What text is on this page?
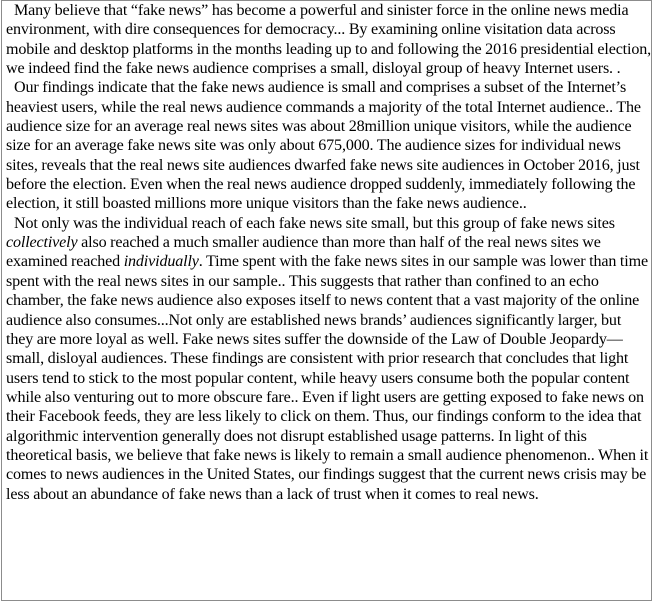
Many believe that “fake news” has become a powerful and sinister force in the online news media environment, with dire consequences for democracy... By examining online visitation data across mobile and desktop platforms in the months leading up to and following the 2016 presidential election, we indeed find the fake news audience comprises a small, disloyal group of heavy Internet users. .

Our findings indicate that the fake news audience is small and comprises a subset of the Internet’s heaviest users, while the real news audience commands a majority of the total Internet audience.. The audience size for an average real news sites was about 28million unique visitors, while the audience size for an average fake news site was only about 675,000. The audience sizes for individual news sites, reveals that the real news site audiences dwarfed fake news site audiences in October 2016, just before the election. Even when the real news audience dropped suddenly, immediately following the election, it still boasted millions more unique visitors than the fake news audience..

Not only was the individual reach of each fake news site small, but this group of fake news sites collectively also reached a much smaller audience than more than half of the real news sites we examined reached individually. Time spent with the fake news sites in our sample was lower than time spent with the real news sites in our sample.. This suggests that rather than confined to an echo chamber, the fake news audience also exposes itself to news content that a vast majority of the online audience also consumes...Not only are established news brands’ audiences significantly larger, but they are more loyal as well. Fake news sites suffer the downside of the Law of Double Jeopardy—small, disloyal audiences. These findings are consistent with prior research that concludes that light users tend to stick to the most popular content, while heavy users consume both the popular content while also venturing out to more obscure fare.. Even if light users are getting exposed to fake news on their Facebook feeds, they are less likely to click on them. Thus, our findings conform to the idea that algorithmic intervention generally does not disrupt established usage patterns. In light of this theoretical basis, we believe that fake news is likely to remain a small audience phenomenon.. When it comes to news audiences in the United States, our findings suggest that the current news crisis may be less about an abundance of fake news than a lack of trust when it comes to real news.
